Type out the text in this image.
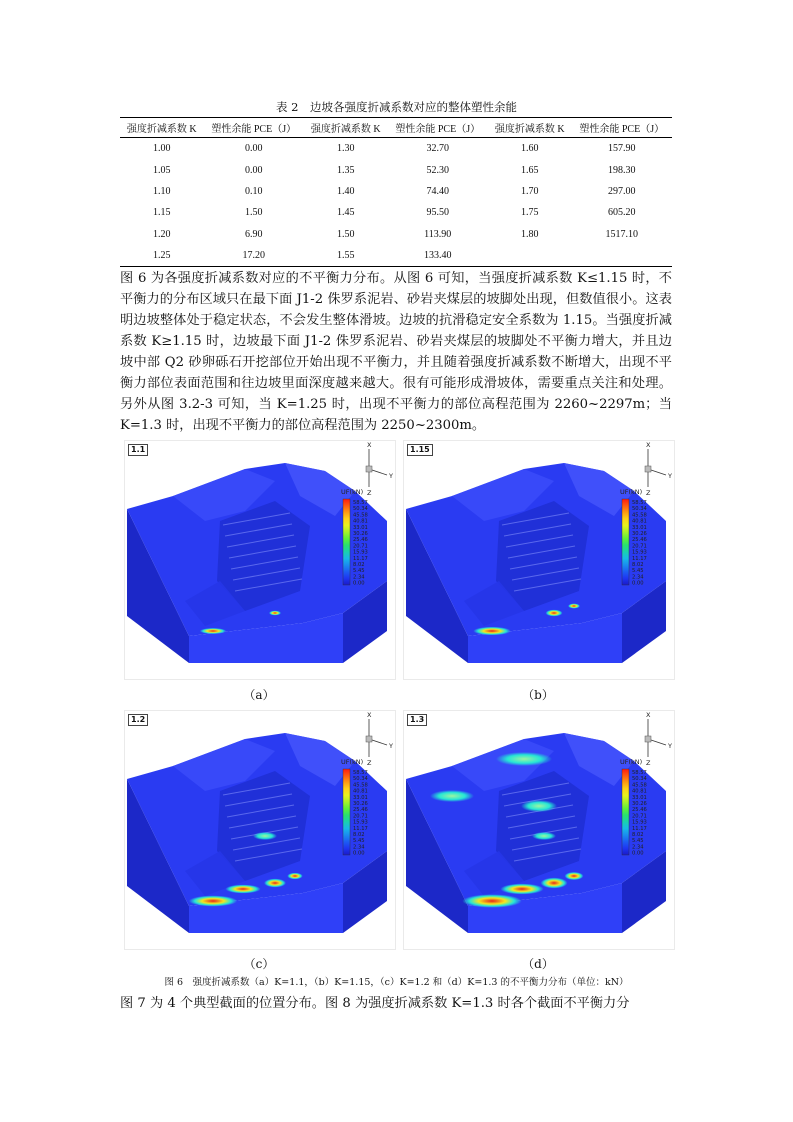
表 2　边坡各强度折减系数对应的整体塑性余能
强度折减系数 K	塑性余能 PCE（J）	强度折减系数 K	塑性余能 PCE（J）	强度折减系数 K	塑性余能 PCE（J）
1.00	0.00	1.30	32.70	1.60	157.90
1.05	0.00	1.35	52.30	1.65	198.30
1.10	0.10	1.40	74.40	1.70	297.00
1.15	1.50	1.45	95.50	1.75	605.20
1.20	6.90	1.50	113.90	1.80	1517.10
1.25	17.20	1.55	133.40		

图 6 为各强度折减系数对应的不平衡力分布。从图 6 可知，当强度折减系数 K≤1.15 时，不平衡力的分布区域只在最下面 J1-2 侏罗系泥岩、砂岩夹煤层的坡脚处出现，但数值很小。这表明边坡整体处于稳定状态，不会发生整体滑坡。边坡的抗滑稳定安全系数为 1.15。当强度折减系数 K≥1.15 时，边坡最下面 J1-2 侏罗系泥岩、砂岩夹煤层的坡脚处不平衡力增大，并且边坡中部 Q2 砂卵砾石开挖部位开始出现不平衡力，并且随着强度折减系数不断增大，出现不平衡力部位表面范围和往边坡里面深度越来越大。很有可能形成滑坡体，需要重点关注和处理。另外从图 3.2-3 可知，当 K=1.25 时，出现不平衡力的部位高程范围为 2260~2297m；当 K=1.3 时，出现不平衡力的部位高程范围为 2250~2300m。

UF(kN)
58.57
50.34
45.58
40.81
33.01
30.26
25.46
20.71
15.93
11.17
8.02
5.45
2.34
0.00
X
Y
Z
1.1
UF(kN)
58.57
50.34
45.58
40.81
33.01
30.26
25.46
20.71
15.93
11.17
8.02
5.45
2.34
0.00
X
Y
Z
1.15
UF(kN)
58.57
50.34
45.58
40.81
33.01
30.26
25.46
20.71
15.93
11.17
8.02
5.45
2.34
0.00
X
Y
Z
1.2
UF(kN)
58.57
50.34
45.58
40.81
33.01
30.26
25.46
20.71
15.93
11.17
8.02
5.45
2.34
0.00
X
Y
Z
1.3
（a）	（b）
（c）	（d）
图 6　强度折减系数（a）K=1.1，（b）K=1.15，（c）K=1.2 和（d）K=1.3 的不平衡力分布（单位：kN）

图 7 为 4 个典型截面的位置分布。图 8 为强度折减系数 K=1.3 时各个截面不平衡力分
